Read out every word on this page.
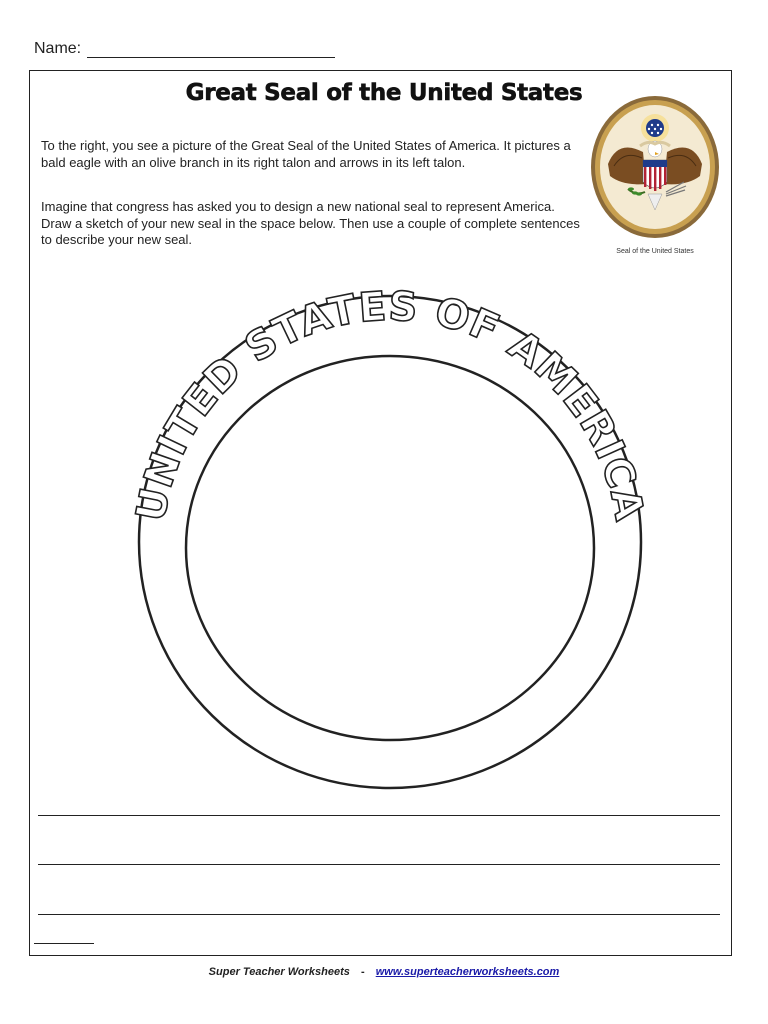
Name:
Great Seal of the United States
To the right, you see a picture of the Great Seal of the United States of America. It pictures a bald eagle with an olive branch in its right talon and arrows in its left talon.
Imagine that congress has asked you to design a new national seal to represent America. Draw a sketch of your new seal in the space below. Then use a couple of complete sentences to describe your new seal.
Seal of the United States
UNITED STATES OF AMERICA
Super Teacher Worksheets - www.superteacherworksheets.com
